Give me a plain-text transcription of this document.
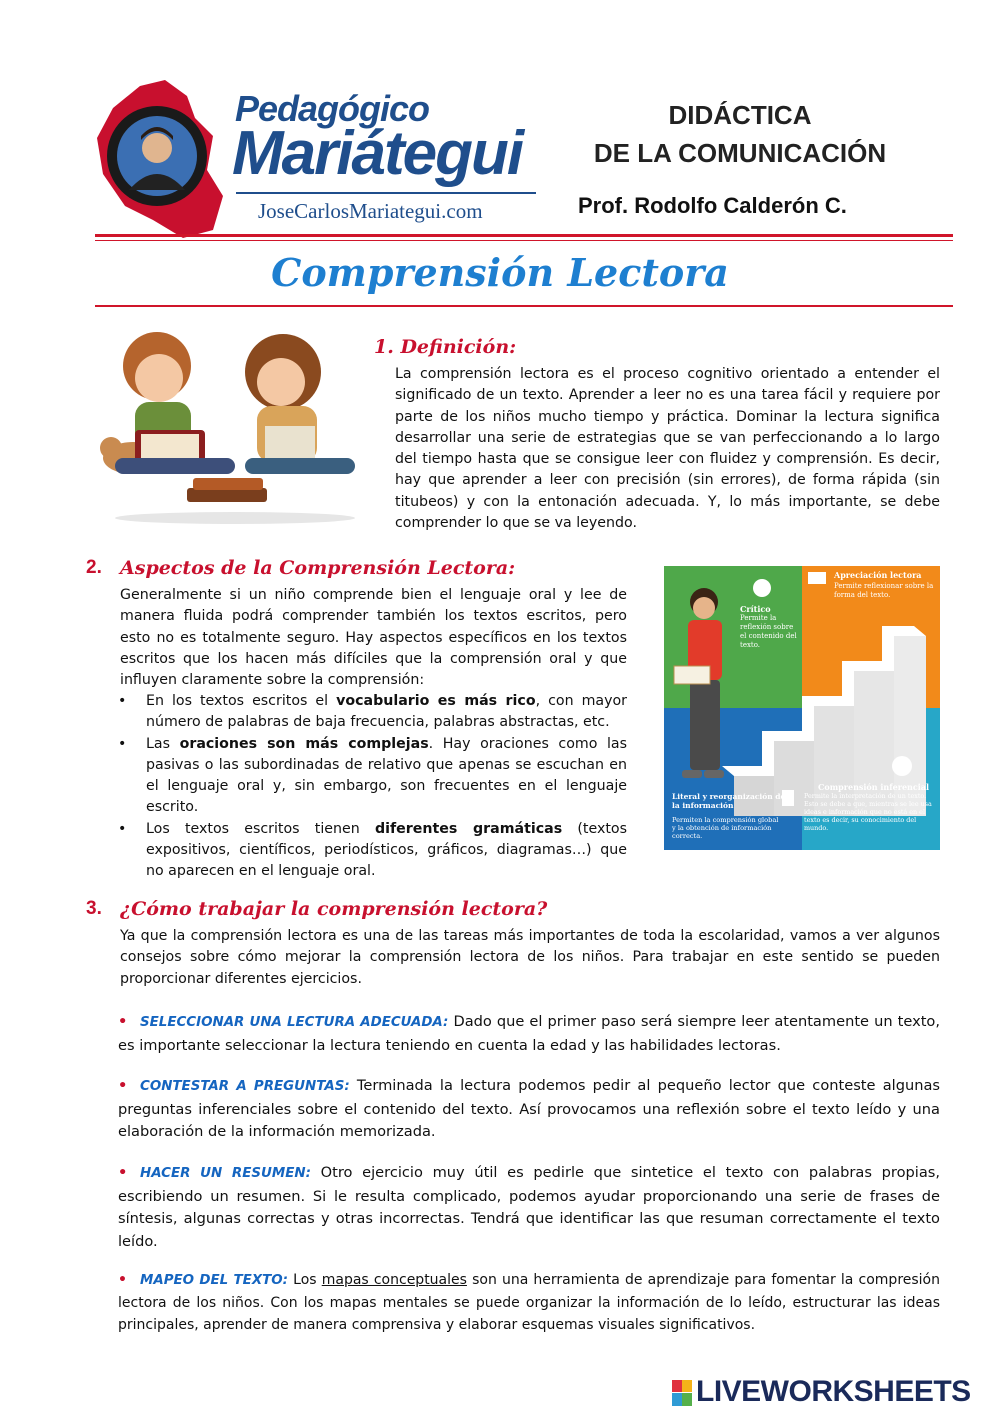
Pedagógico
Mariátegui
JoseCarlosMariategui.com
DIDÁCTICA
DE LA COMUNICACIÓN
Prof. Rodolfo Calderón C.
Comprensión Lectora
1. Definición:
La comprensión lectora es el proceso cognitivo orientado a entender el significado de un texto. Aprender a leer no es una tarea fácil y requiere por parte de los niños mucho tiempo y práctica. Dominar la lectura significa desarrollar una serie de estrategias que se van perfeccionando a lo largo del tiempo hasta que se consigue leer con fluidez y comprensión. Es decir, hay que aprender a leer con precisión (sin errores), de forma rápida (sin titubeos) y con la entonación adecuada. Y, lo más importante, se debe comprender lo que se va leyendo.
2. Aspectos de la Comprensión Lectora:
Generalmente si un niño comprende bien el lenguaje oral y lee de manera fluida podrá comprender también los textos escritos, pero esto no es totalmente seguro. Hay aspectos específicos en los textos escritos que los hacen más difíciles que la comprensión oral y que influyen claramente sobre la comprensión:
• En los textos escritos el vocabulario es más rico, con mayor número de palabras de baja frecuencia, palabras abstractas, etc.
• Las oraciones son más complejas. Hay oraciones como las pasivas o las subordinadas de relativo que apenas se escuchan en el lenguaje oral y, sin embargo, son frecuentes en el lenguaje escrito.
• Los textos escritos tienen diferentes gramáticas (textos expositivos, científicos, periodísticos, gráficos, diagramas…) que no aparecen en el lenguaje oral.
Crítico
Permite la reflexión sobre el contenido del texto.
Apreciación lectora
Permite reflexionar sobre la forma del texto.
Comprensión inferencial
Permite la interpretación de un texto. Esto se debe a que, mientras se lee usa ideas e información que no está en el texto es decir, su conocimiento del mundo.
Literal y reorganización de la información
Permiten la comprensión global y la obtención de información correcta.
3. ¿Cómo trabajar la comprensión lectora?
Ya que la comprensión lectora es una de las tareas más importantes de toda la escolaridad, vamos a ver algunos consejos sobre cómo mejorar la comprensión lectora de los niños. Para trabajar en este sentido se pueden proporcionar diferentes ejercicios.
• SELECCIONAR UNA LECTURA ADECUADA: Dado que el primer paso será siempre leer atentamente un texto, es importante seleccionar la lectura teniendo en cuenta la edad y las habilidades lectoras.
• CONTESTAR A PREGUNTAS: Terminada la lectura podemos pedir al pequeño lector que conteste algunas preguntas inferenciales sobre el contenido del texto. Así provocamos una reflexión sobre el texto leído y una elaboración de la información memorizada.
• HACER UN RESUMEN: Otro ejercicio muy útil es pedirle que sintetice el texto con palabras propias, escribiendo un resumen. Si le resulta complicado, podemos ayudar proporcionando una serie de frases de síntesis, algunas correctas y otras incorrectas. Tendrá que identificar las que resuman correctamente el texto leído.
• MAPEO DEL TEXTO: Los mapas conceptuales son una herramienta de aprendizaje para fomentar la compresión lectora de los niños. Con los mapas mentales se puede organizar la información de lo leído, estructurar las ideas principales, aprender de manera comprensiva y elaborar esquemas visuales significativos.
LIVEWORKSHEETS
